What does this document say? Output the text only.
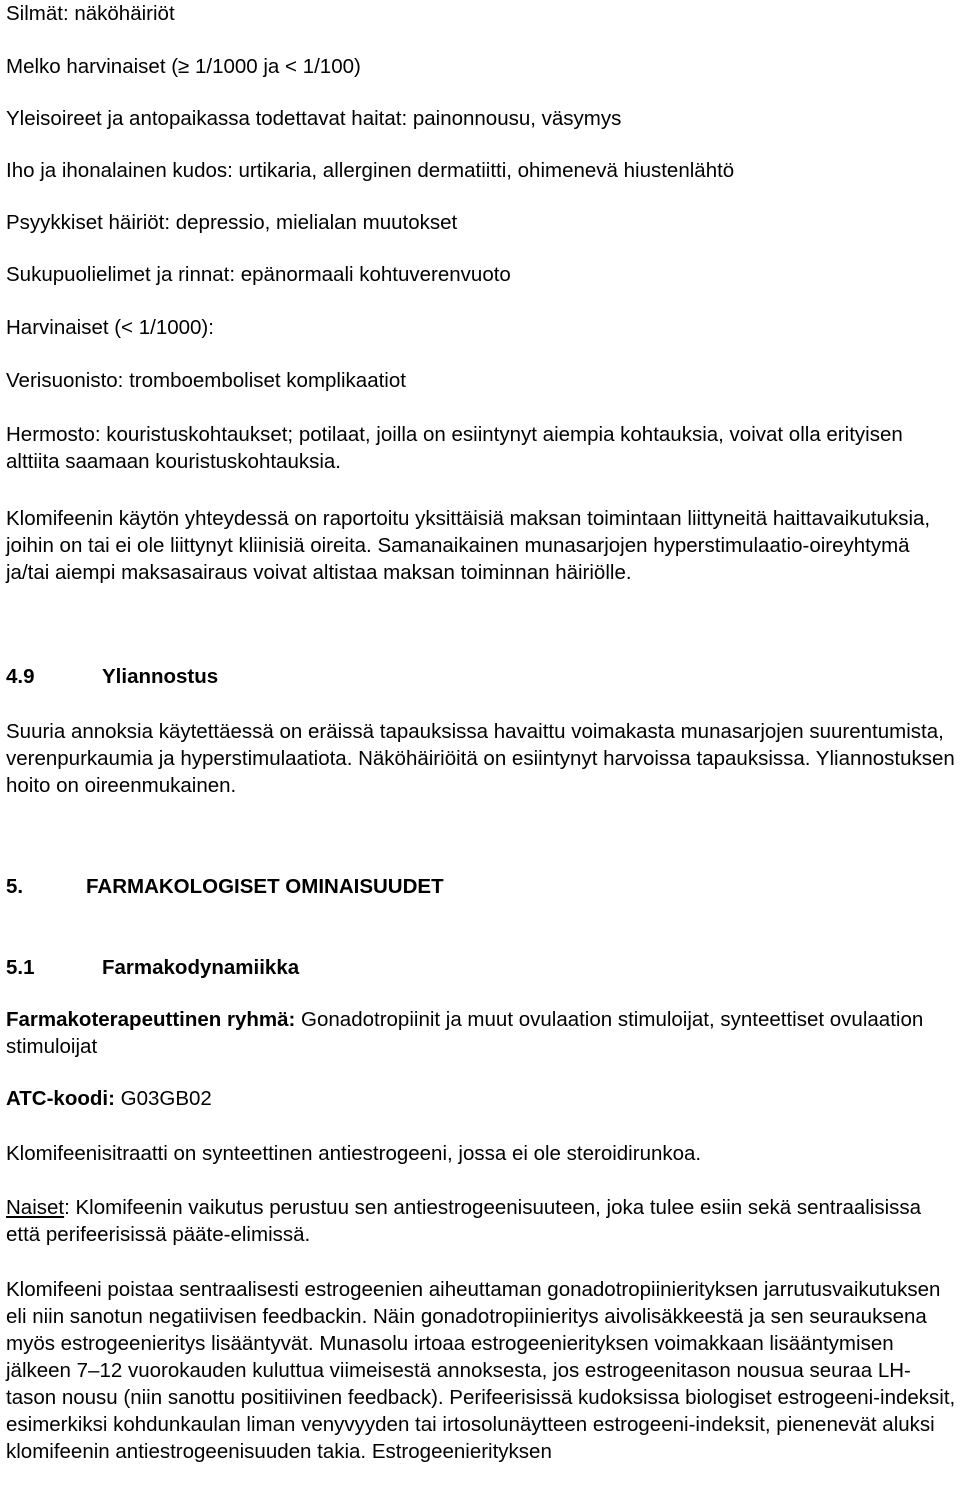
Silmät: näköhäiriöt

Melko harvinaiset (≥ 1/1000 ja < 1/100)

Yleisoireet ja antopaikassa todettavat haitat: painonnousu, väsymys

Iho ja ihonalainen kudos: urtikaria, allerginen dermatiitti, ohimenevä hiustenlähtö

Psyykkiset häiriöt: depressio, mielialan muutokset

Sukupuolielimet ja rinnat: epänormaali kohtuverenvuoto

Harvinaiset (< 1/1000):

Verisuonisto: tromboemboliset komplikaatiot

Hermosto: kouristuskohtaukset; potilaat, joilla on esiintynyt aiempia kohtauksia, voivat olla erityisen alttiita saamaan kouristuskohtauksia.

Klomifeenin käytön yhteydessä on raportoitu yksittäisiä maksan toimintaan liittyneitä haittavaikutuksia, joihin on tai ei ole liittynyt kliinisiä oireita. Samanaikainen munasarjojen hyperstimulaatio-oireyhtymä ja/tai aiempi maksasairaus voivat altistaa maksan toiminnan häiriölle.

4.9	Yliannostus

Suuria annoksia käytettäessä on eräissä tapauksissa havaittu voimakasta munasarjojen suurentumista, verenpurkaumia ja hyperstimulaatiota. Näköhäiriöitä on esiintynyt harvoissa tapauksissa. Yliannostuksen hoito on oireenmukainen.

5.	FARMAKOLOGISET OMINAISUUDET
5.1	Farmakodynamiikka

Farmakoterapeuttinen ryhmä: Gonadotropiinit ja muut ovulaation stimuloijat, synteettiset ovulaation stimuloijat

ATC-koodi: G03GB02

Klomifeenisitraatti on synteettinen antiestrogeeni, jossa ei ole steroidirunkoa.

Naiset: Klomifeenin vaikutus perustuu sen antiestrogeenisuuteen, joka tulee esiin sekä sentraalisissa että perifeerisissä pääte-elimissä.

Klomifeeni poistaa sentraalisesti estrogeenien aiheuttaman gonadotropiinierityksen jarrutusvaikutuksen eli niin sanotun negatiivisen feedbackin. Näin gonadotropiinieritys aivolisäkkeestä ja sen seurauksena myös estrogeenieritys lisääntyvät. Munasolu irtoaa estrogeenierityksen voimakkaan lisääntymisen jälkeen 7–12 vuorokauden kuluttua viimeisestä annoksesta, jos estrogeenitason nousua seuraa LH-tason nousu (niin sanottu positiivinen feedback). Perifeerisissä kudoksissa biologiset estrogeeni-indeksit, esimerkiksi kohdunkaulan liman venyvyyden tai irtosolunäytteen estrogeeni-indeksit, pienenevät aluksi klomifeenin antiestrogeenisuuden takia. Estrogeenierityksen
